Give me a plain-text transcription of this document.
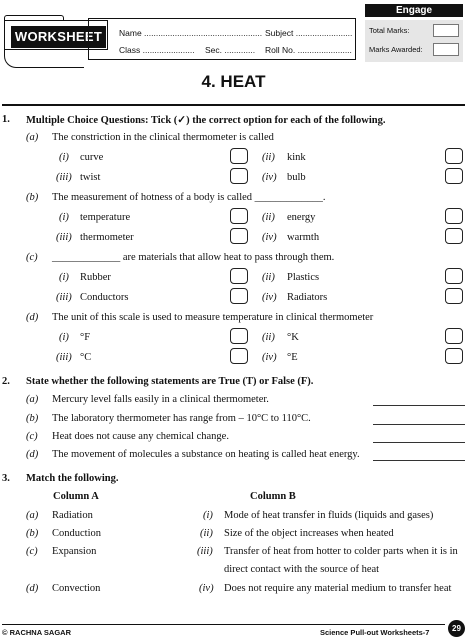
WORKSHEET 1
Name .................................................. Subject ........................
Class ...................... Sec. ............. Roll No. .......................
Engage
Total Marks:
Marks Awarded:
4. HEAT
1. Multiple Choice Questions: Tick (✓) the correct option for each of the following.
(a) The constriction in the clinical thermometer is called
(i) curve	(ii) kink
(iii) twist	(iv) bulb
(b) The measurement of hotness of a body is called _____________.
(i) temperature	(ii) energy
(iii) thermometer	(iv) warmth
(c) _____________ are materials that allow heat to pass through them.
(i) Rubber	(ii) Plastics
(iii) Conductors	(iv) Radiators
(d) The unit of this scale is used to measure temperature in clinical thermometer
(i) °F	(ii) °K
(iii) °C	(iv) °E
2. State whether the following statements are True (T) or False (F).
(a) Mercury level falls easily in a clinical thermometer.
(b) The laboratory thermometer has range from – 10°C to 110°C.
(c) Heat does not cause any chemical change.
(d) The movement of molecules a substance on heating is called heat energy.
3. Match the following.
Column A	Column B
(a) Radiation	(i) Mode of heat transfer in fluids (liquids and gases)
(b) Conduction	(ii) Size of the object increases when heated
(c) Expansion	(iii) Transfer of heat from hotter to colder parts when it is in
direct contact with the source of heat
(d) Convection	(iv) Does not require any material medium to transfer heat
© RACHNA SAGAR	Science Pull-out Worksheets-7	29
